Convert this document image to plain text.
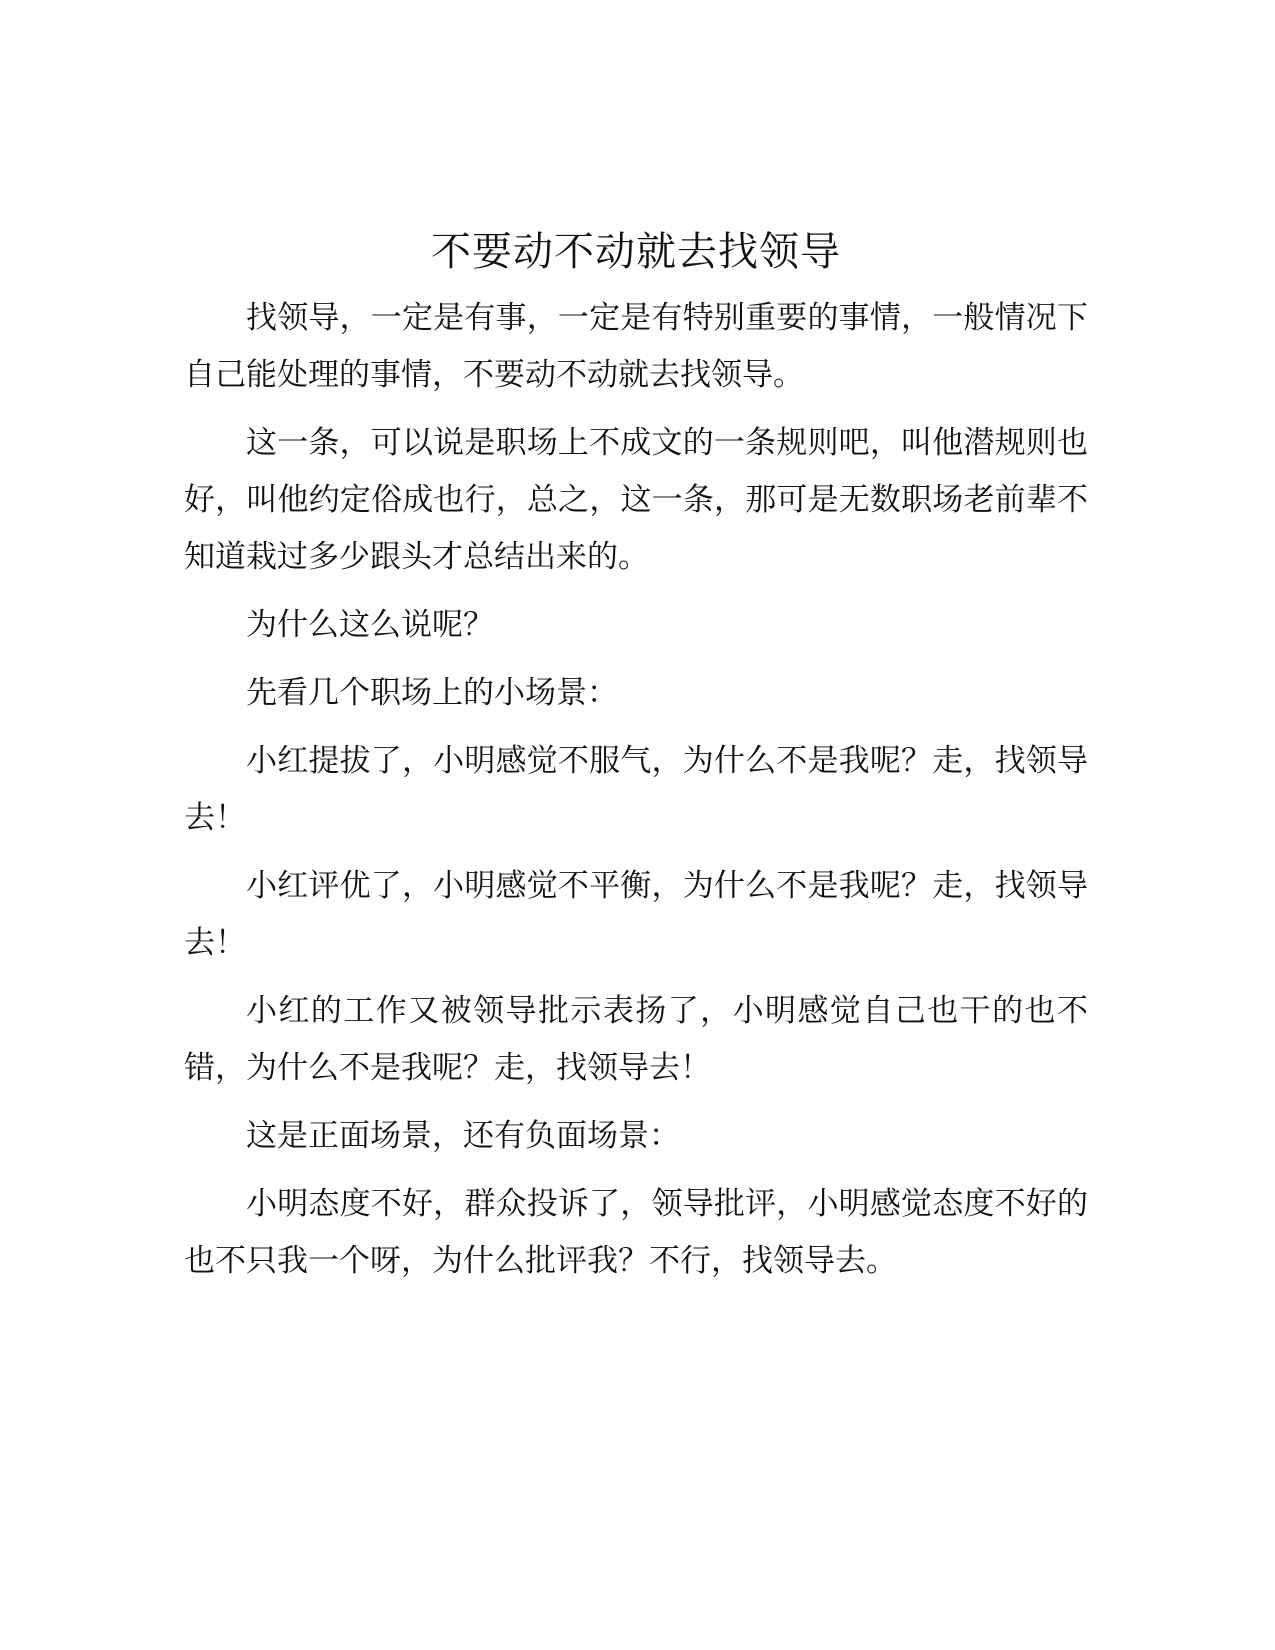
不要动不动就去找领导

找领导，一定是有事，一定是有特别重要的事情，一般情况下自己能处理的事情，不要动不动就去找领导。

这一条，可以说是职场上不成文的一条规则吧，叫他潜规则也好，叫他约定俗成也行，总之，这一条，那可是无数职场老前辈不知道栽过多少跟头才总结出来的。

为什么这么说呢？

先看几个职场上的小场景：

小红提拔了，小明感觉不服气，为什么不是我呢？走，找领导去！

小红评优了，小明感觉不平衡，为什么不是我呢？走，找领导去！

小红的工作又被领导批示表扬了，小明感觉自己也干的也不错，为什么不是我呢？走，找领导去！

这是正面场景，还有负面场景：

小明态度不好，群众投诉了，领导批评，小明感觉态度不好的也不只我一个呀，为什么批评我？不行，找领导去。
